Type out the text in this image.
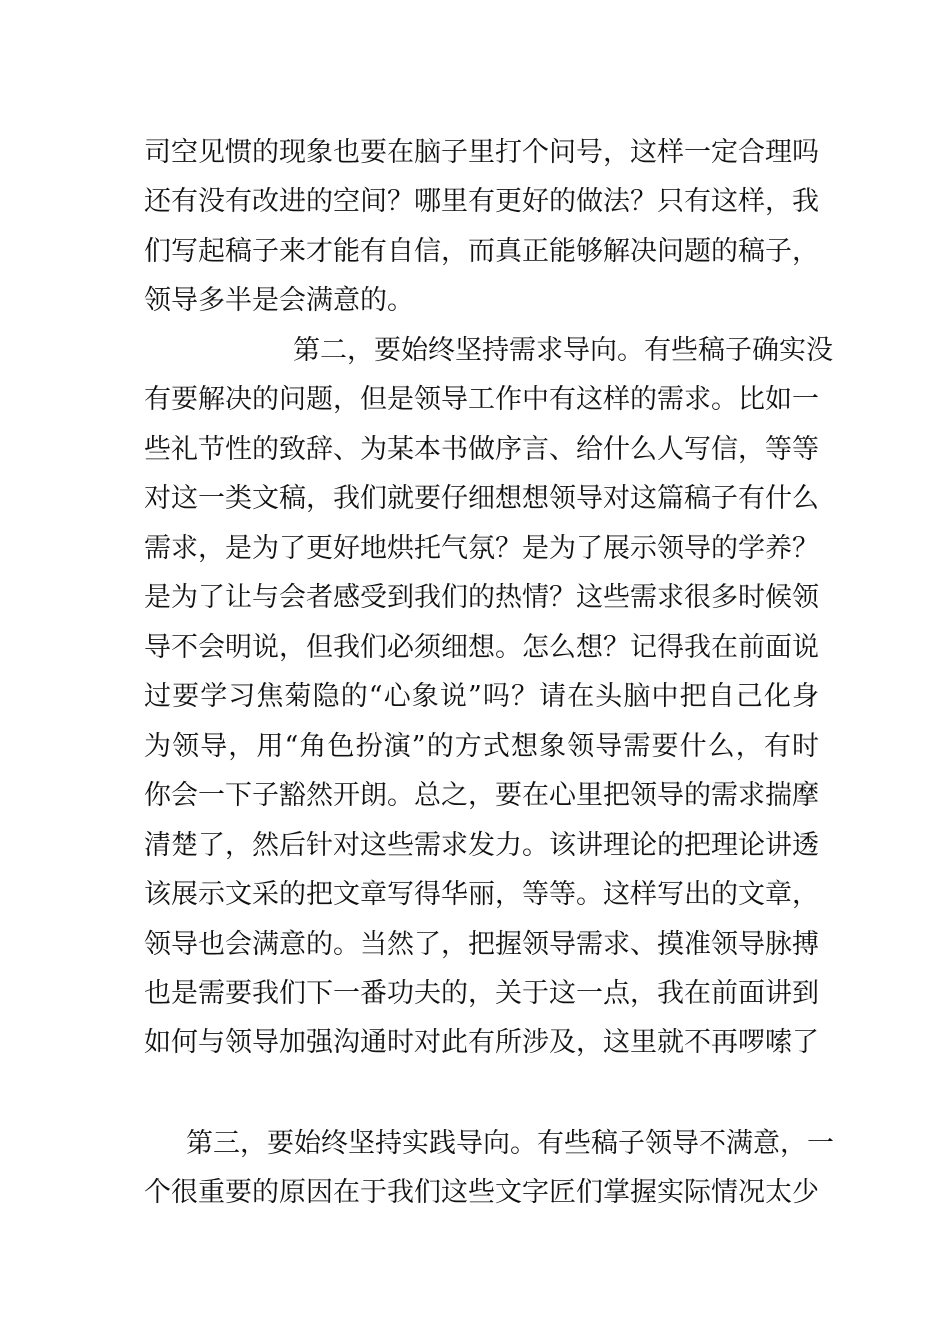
司空见惯的现象也要在脑子里打个问号，这样一定合理吗
还有没有改进的空间？哪里有更好的做法？只有这样，我
们写起稿子来才能有自信，而真正能够解决问题的稿子，
领导多半是会满意的。
第二，要始终坚持需求导向。有些稿子确实没
有要解决的问题，但是领导工作中有这样的需求。比如一
些礼节性的致辞、为某本书做序言、给什么人写信，等等
对这一类文稿，我们就要仔细想想领导对这篇稿子有什么
需求，是为了更好地烘托气氛？是为了展示领导的学养？
是为了让与会者感受到我们的热情？这些需求很多时候领
导不会明说，但我们必须细想。怎么想？记得我在前面说
过要学习焦菊隐的“心象说”吗？请在头脑中把自己化身
为领导，用“角色扮演”的方式想象领导需要什么，有时
你会一下子豁然开朗。总之，要在心里把领导的需求揣摩
清楚了，然后针对这些需求发力。该讲理论的把理论讲透
该展示文采的把文章写得华丽，等等。这样写出的文章，
领导也会满意的。当然了，把握领导需求、摸准领导脉搏
也是需要我们下一番功夫的，关于这一点，我在前面讲到
如何与领导加强沟通时对此有所涉及，这里就不再啰嗦了
第三，要始终坚持实践导向。有些稿子领导不满意，一
个很重要的原因在于我们这些文字匠们掌握实际情况太少
